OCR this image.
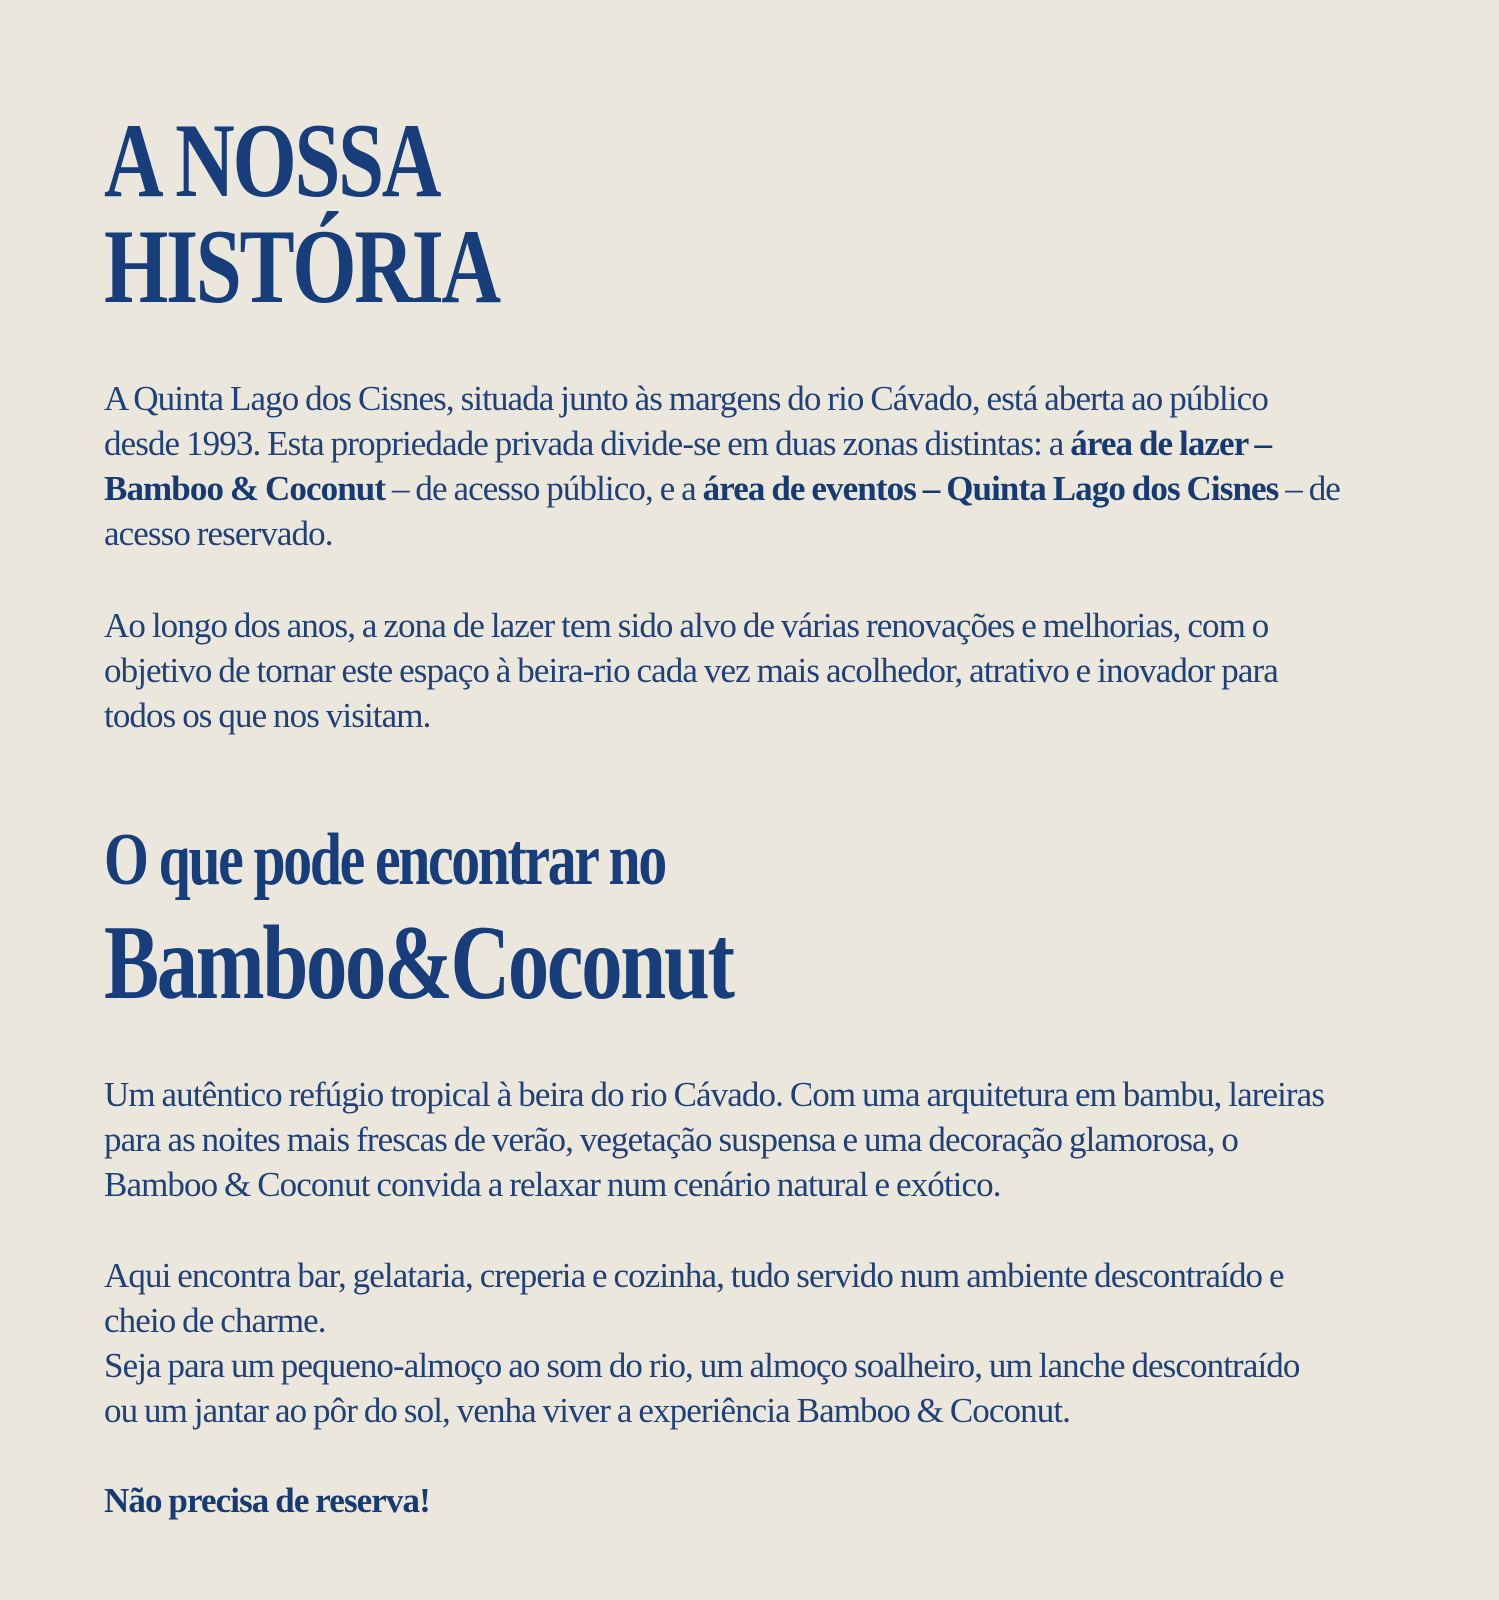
A NOSSA
HISTÓRIA

A Quinta Lago dos Cisnes, situada junto às margens do rio Cávado, está aberta ao público
desde 1993. Esta propriedade privada divide-se em duas zonas distintas: a área de lazer –
Bamboo & Coconut – de acesso público, e a área de eventos – Quinta Lago dos Cisnes – de
acesso reservado.

Ao longo dos anos, a zona de lazer tem sido alvo de várias renovações e melhorias, com o
objetivo de tornar este espaço à beira-rio cada vez mais acolhedor, atrativo e inovador para
todos os que nos visitam.

O que pode encontrar no
Bamboo&Coconut

Um autêntico refúgio tropical à beira do rio Cávado. Com uma arquitetura em bambu, lareiras
para as noites mais frescas de verão, vegetação suspensa e uma decoração glamorosa, o
Bamboo & Coconut convida a relaxar num cenário natural e exótico.

Aqui encontra bar, gelataria, creperia e cozinha, tudo servido num ambiente descontraído e
cheio de charme.
Seja para um pequeno-almoço ao som do rio, um almoço soalheiro, um lanche descontraído
ou um jantar ao pôr do sol, venha viver a experiência Bamboo & Coconut.

Não precisa de reserva!
